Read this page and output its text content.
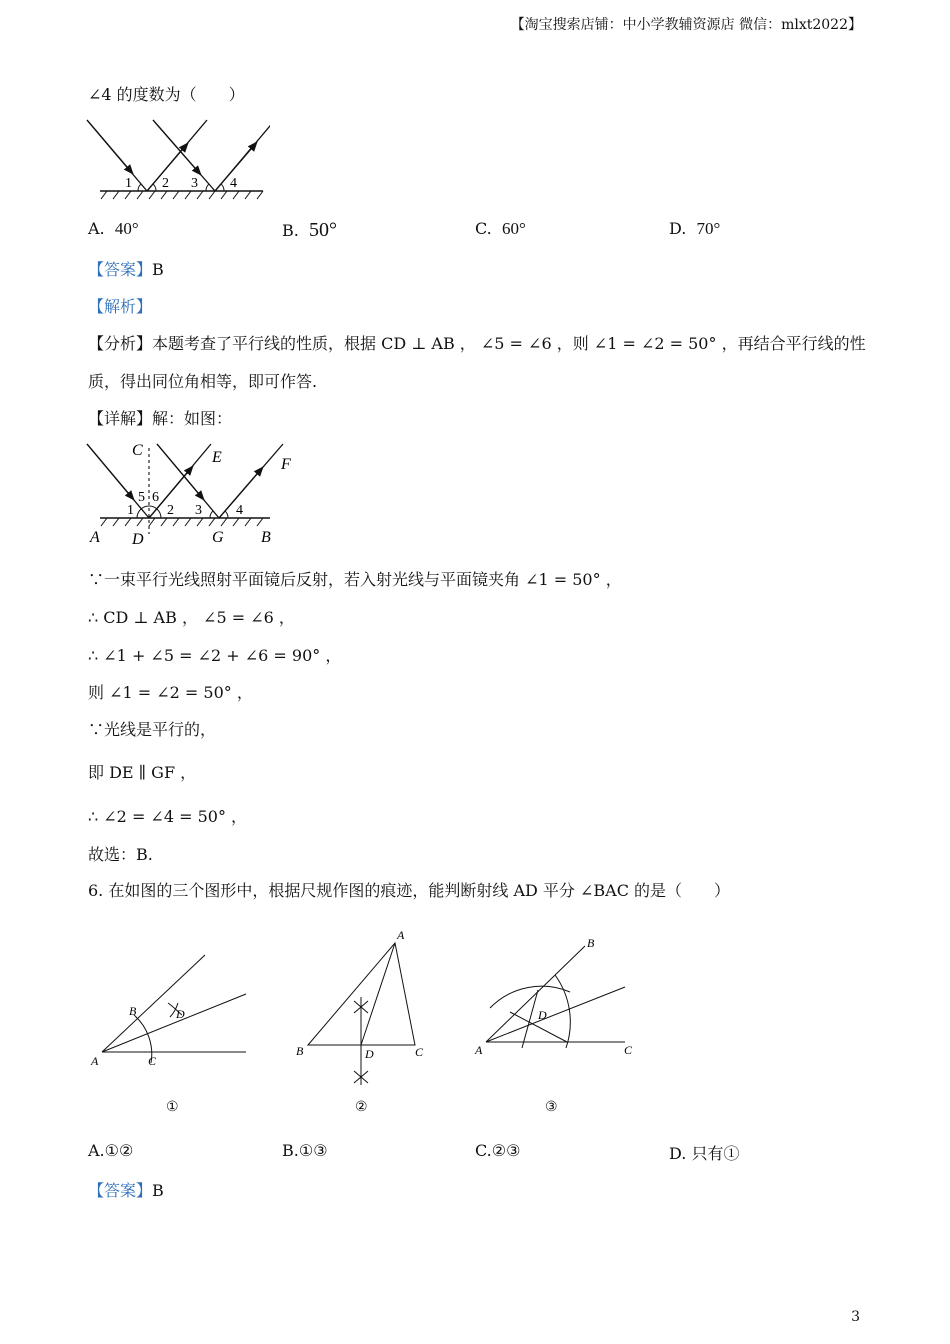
【淘宝搜索店铺：中小学教辅资源店 微信：mlxt2022】
∠4 的度数为（　　）
1 2 3 4
A. 40°	B. 50°	C. 60°	D. 70°
【答案】B
【解析】
【分析】本题考查了平行线的性质，根据 CD ⊥ AB ， ∠5 = ∠6 ，则 ∠1 = ∠2 = 50° ，再结合平行线的性
质，得出同位角相等，即可作答.
【详解】解：如图：
C	E	F
5 6
1 2 3 4
A D	G B
∵一束平行光线照射平面镜后反射，若入射光线与平面镜夹角 ∠1 = 50° ，
∴ CD ⊥ AB ， ∠5 = ∠6 ，
∴ ∠1 + ∠5 = ∠2 + ∠6 = 90° ，
则 ∠1 = ∠2 = 50° ，
∵光线是平行的，
即 DE ∥ GF ，
∴ ∠2 = ∠4 = 50° ，
故选：B.
6. 在如图的三个图形中，根据尺规作图的痕迹，能判断射线 AD 平分 ∠BAC 的是（　　）
A
B
C
D
①
A
B	D	C
②
A
B
C
D
③
A.①②	B.①③	C.②③	D. 只有①
【答案】B
3
